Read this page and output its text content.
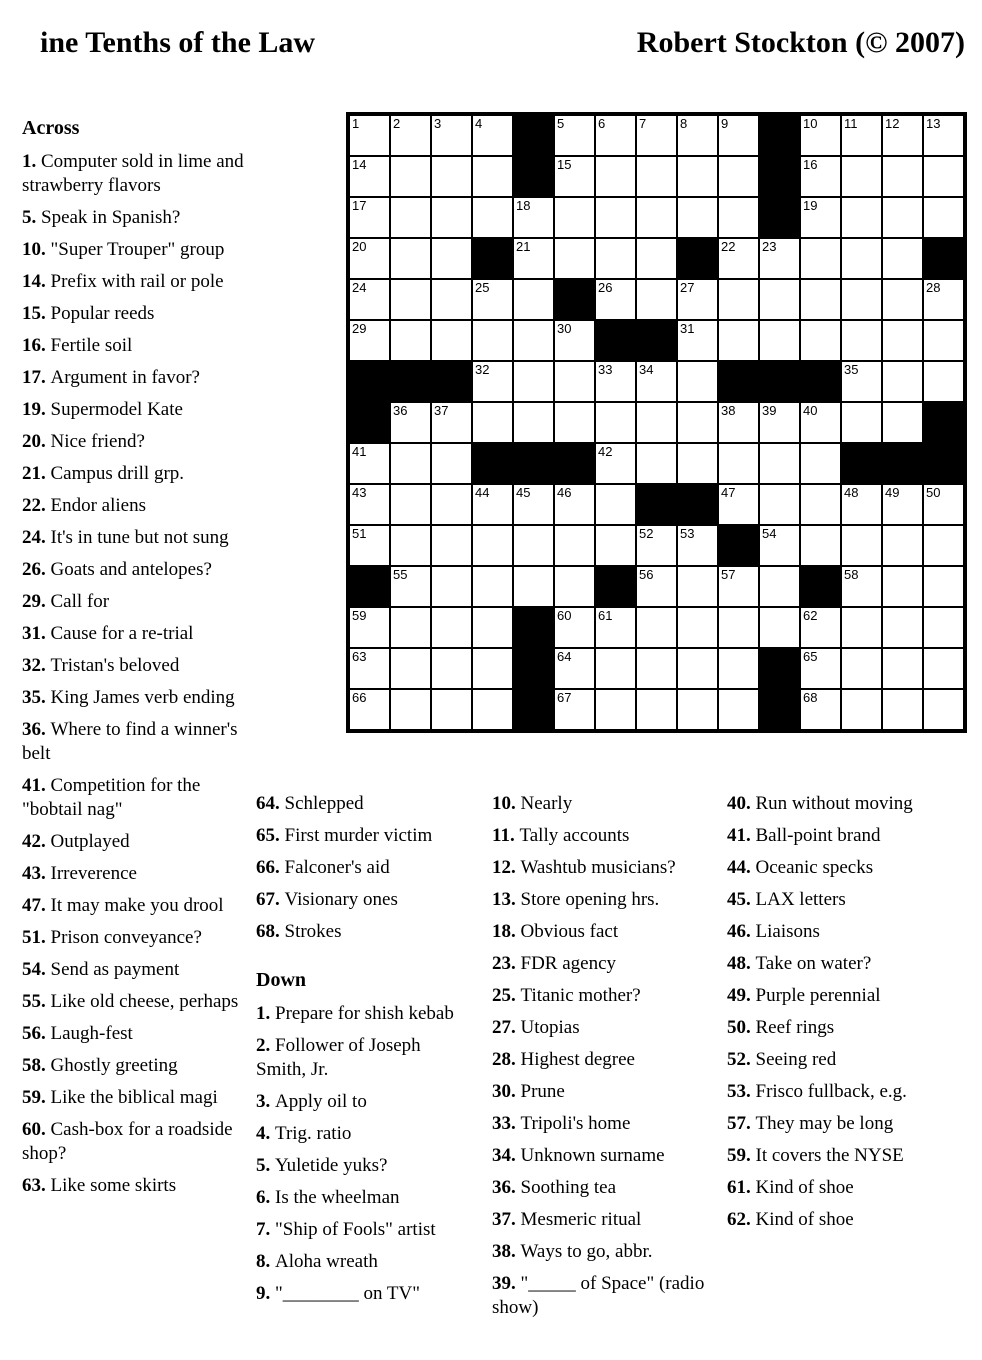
ine Tenths of the Law	Robert Stockton (© 2007)
1	2	3	4	5	6	7	8	9	10 11 12 13
14	15	16
17	18	19
20	21	22 23
24	25	26	27	28
29	30	31
32	33 34	35
36 37	38 39 40
41	42
43	44 45 46	47	48 49 50
51	52 53	54
55	56	57	58
59	60 61	62
63	64	65
66	67	68
Across
1. Computer sold in lime and strawberry flavors
5. Speak in Spanish?
10. "Super Trouper" group
14. Prefix with rail or pole
15. Popular reeds
16. Fertile soil
17. Argument in favor?
19. Supermodel Kate
20. Nice friend?
21. Campus drill grp.
22. Endor aliens
24. It's in tune but not sung
26. Goats and antelopes?
29. Call for
31. Cause for a re-trial
32. Tristan's beloved
35. King James verb ending
36. Where to find a winner's belt
41. Competition for the "bobtail nag"
42. Outplayed
43. Irreverence
47. It may make you drool
51. Prison conveyance?
54. Send as payment
55. Like old cheese, perhaps
56. Laugh-fest
58. Ghostly greeting
59. Like the biblical magi
60. Cash-box for a roadside shop?
63. Like some skirts
64. Schlepped
65. First murder victim
66. Falconer's aid
67. Visionary ones
68. Strokes
Down
1. Prepare for shish kebab
2. Follower of Joseph Smith, Jr.
3. Apply oil to
4. Trig. ratio
5. Yuletide yuks?
6. Is the wheelman
7. "Ship of Fools" artist
8. Aloha wreath
9. "________ on TV"
10. Nearly
11. Tally accounts
12. Washtub musicians?
13. Store opening hrs.
18. Obvious fact
23. FDR agency
25. Titanic mother?
27. Utopias
28. Highest degree
30. Prune
33. Tripoli's home
34. Unknown surname
36. Soothing tea
37. Mesmeric ritual
38. Ways to go, abbr.
39. "_____ of Space" (radio show)
40. Run without moving
41. Ball-point brand
44. Oceanic specks
45. LAX letters
46. Liaisons
48. Take on water?
49. Purple perennial
50. Reef rings
52. Seeing red
53. Frisco fullback, e.g.
57. They may be long
59. It covers the NYSE
61. Kind of shoe
62. Kind of shoe
